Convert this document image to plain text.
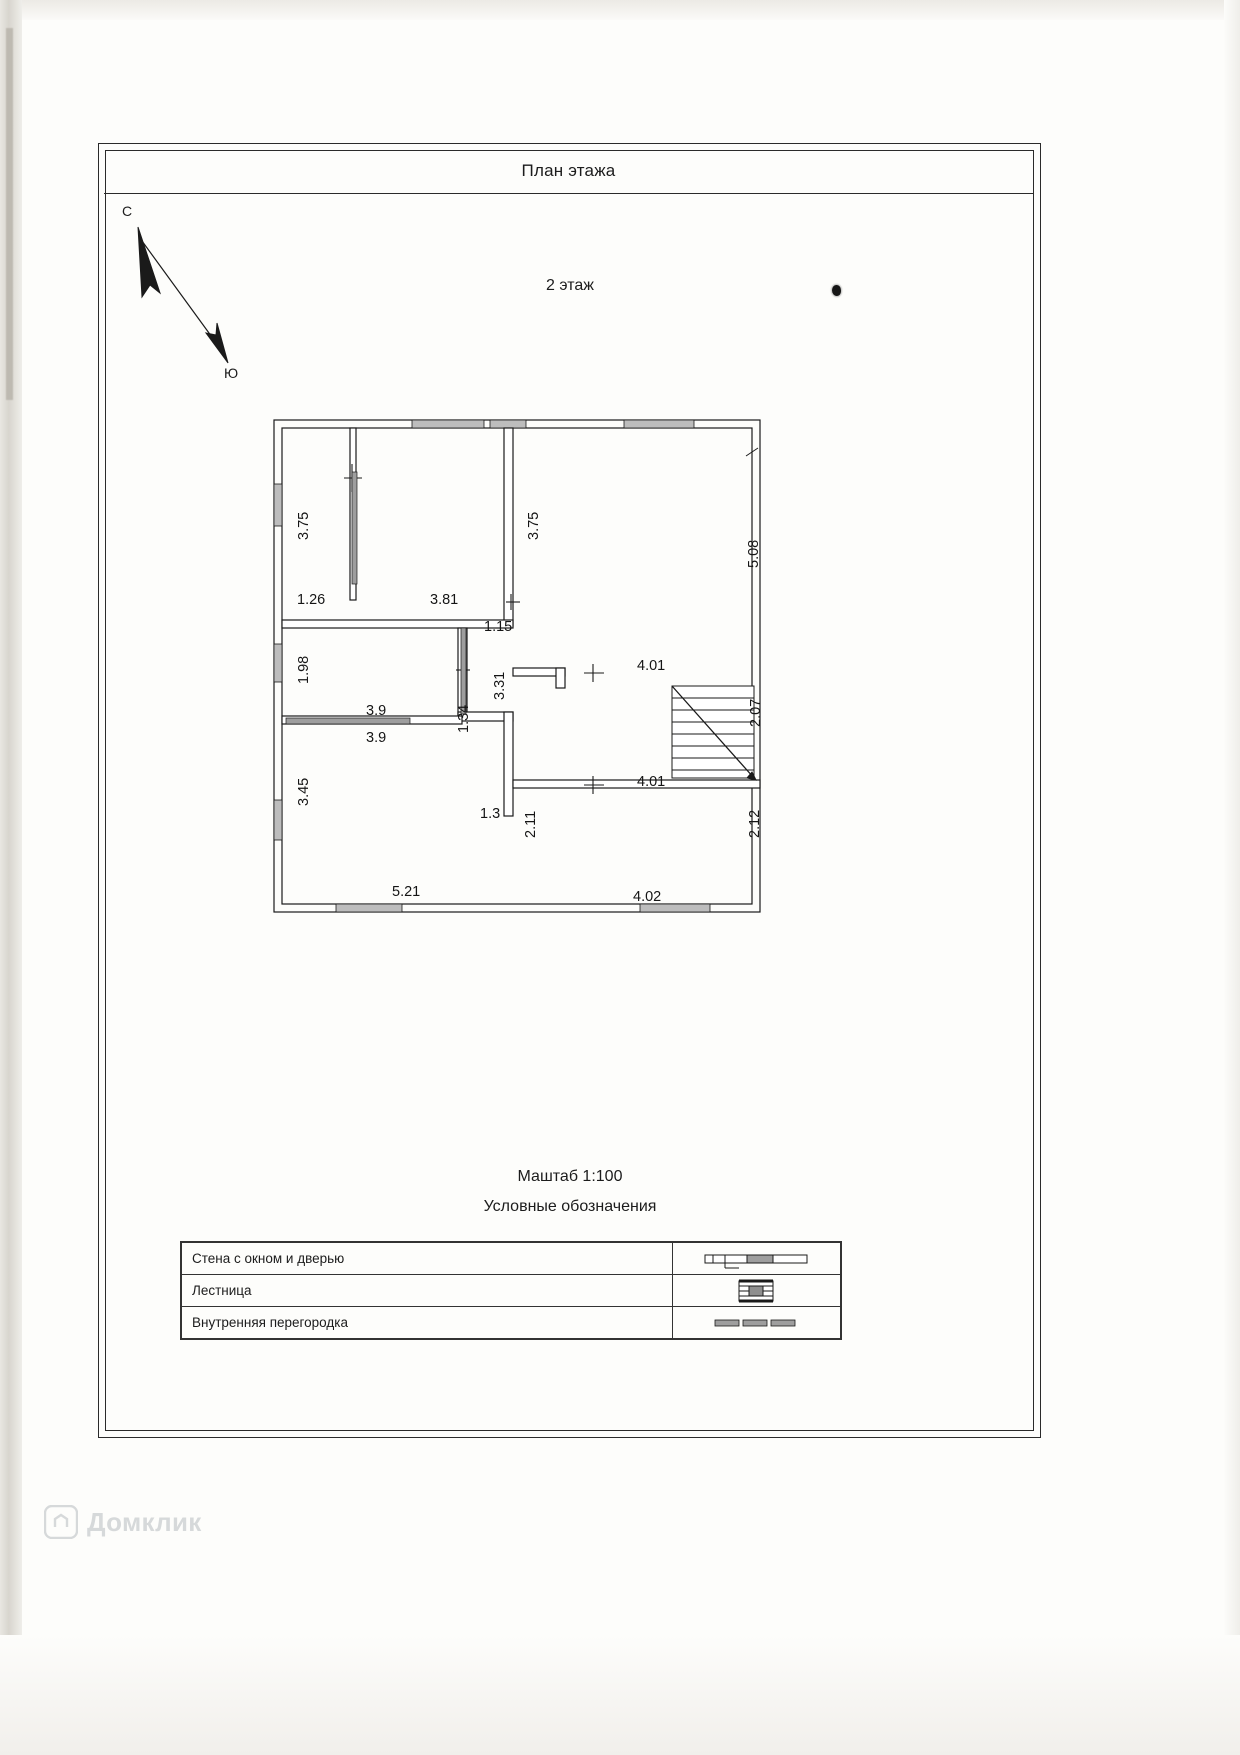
План этажа
2 этаж
С
Ю
3.75	3.75
5.08
1.26	3.81
1.15
1.98	4.01
3.9
3.9
3.31
2.07
1.34
4.01
1.3
3.45
2.11	2.12
5.21	4.02
Маштаб 1:100
Условные обозначения
Стена с окном и дверью	

Лестница	

Внутренняя перегородка	
Домклик
